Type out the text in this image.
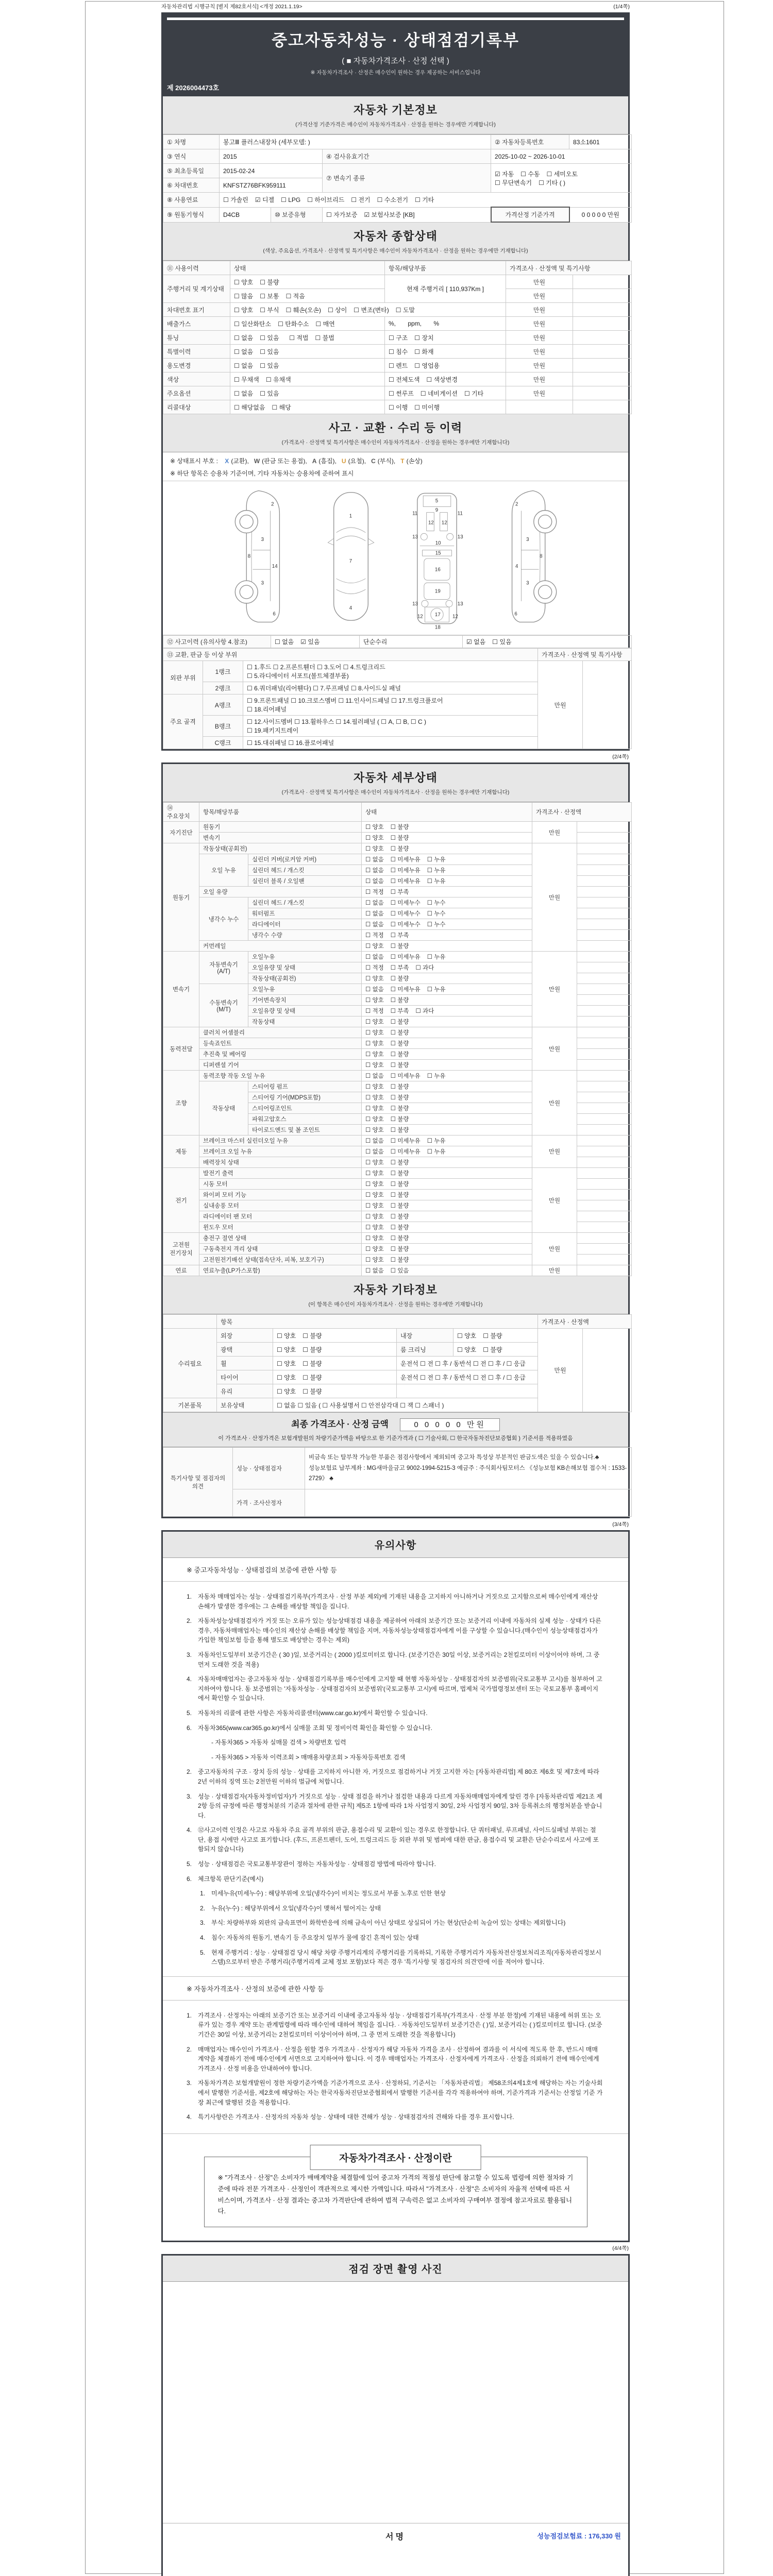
자동차관리법 시행규칙 [별지 제82호서식] <개정 2021.1.19>	(1/4쪽)
중고자동차성능 · 상태점검기록부
( ■ 자동차가격조사 · 산정 선택 )
※ 자동차가격조사 · 산정은 매수인이 원하는 경우 제공하는 서비스입니다
제 2026004473호
자동차 기본정보
(가격산정 기준가격은 매수인이 자동차가격조사 · 산정을 원하는 경우에만 기재합니다)
① 차명	봉고Ⅲ 플러스내장차 (세부모델: )			② 자동차등록번호	83소1601
③ 연식	2015		④ 검사유효기간	2025-10-02 ~ 2026-10-01	
⑤ 최초등록일	2015-02-24		⑦ 변속기 종류	☑ 자동 ☐ 수동 ☐ 세미오토
☐ 무단변속기 ☐ 기타 ( )	

⑥ 차대번호	KNFSTZ76BFK959111				
⑧ 사용연료	☐ 가솔린 ☑ 디젤 ☐ LPG ☐ 하이브리드 ☐ 전기 ☐ 수소전기 ☐ 기타				
⑨ 원동기형식	D4CB	⑩ 보증유형	☐ 자가보증 ☑ 보험사보증 [KB]	가격산정 기준가격	0 0 0 0 0 만원
자동차 종합상태
(색상, 주요옵션, 가격조사 · 산정액 및 특기사항은 매수인이 자동차가격조사 · 산정을 원하는 경우에만 기재합니다)
⑪ 사용이력	상태	항목/해당부품	가격조사 · 산정액 및 특기사항	
주행거리 및 계기상태	☐ 양호 ☐ 불량	현재 주행거리 [ 110,937Km ]	만원	
	☐ 많음 ☐ 보통 ☐ 적음		만원	
차대번호 표기	☐ 양호 ☐ 부식 ☐ 훼손(오손) ☐ 상이 ☐ 변조(변타) ☐ 도말		만원	
배출가스	☐ 일산화탄소 ☐ 탄화수소 ☐ 매연	%,       ppm,       %	만원	
튜닝	☐ 없음 ☐ 있음  ☐ 적법 ☐ 불법	☐ 구조 ☐ 장치	만원	
특별이력	☐ 없음 ☐ 있음	☐ 침수 ☐ 화재	만원	
용도변경	☐ 없음 ☐ 있음	☐ 렌트 ☐ 영업용	만원	
색상	☐ 무채색 ☐ 유채색	☐ 전체도색 ☐ 색상변경	만원	
주요옵션	☐ 없음 ☐ 있음	☐ 썬루프 ☐ 네비게이션 ☐ 기타	만원	
리콜대상	☐ 해당없음 ☐ 해당	☐ 이행 ☐ 미이행		
사고 · 교환 · 수리 등 이력
(가격조사 · 산정액 및 특기사항은 매수인이 자동차가격조사 · 산정을 원하는 경우에만 기재합니다)
※ 상태표시 부호 : X (교환), W (판금 또는 용접), A (흠집), U (요철), C (부식), T (손상)
※ 하단 항목은 승용차 기준이며, 기타 자동차는 승용차에 준하여 표시
2
8
3
14
3
6
1
7
4
5
11	11
9
12 12
13	13
10
15
16
19
13	13
12 17 12
18
2
3
8
4
3
6
⑫ 사고이력 (유의사항 4.참조)	☐ 없음 ☑ 있음	단순수리	☑ 없음 ☐ 있음
⑬ 교환, 판금 등 이상 부위			가격조사 · 산정액 및 특기사항	
외판 부위	1랭크	☐ 1.후드 ☐ 2.프론트휀더 ☐ 3.도어 ☐ 4.트렁크리드
☐ 5.라디에이터 서포트(볼트체결부품)	만원	
	2랭크	☐ 6.쿼더패널(리어휀다) ☐ 7.루프패널 ☐ 8.사이드실 패널		

주요 골격	A랭크	☐ 9.프론트패널 ☐ 10.크로스멤버 ☐ 11.인사이드패널 ☐ 17.트렁크플로어
☐ 18.리어패널		

	B랭크	☐ 12.사이드멤버 ☐ 13.휠하우스 ☐ 14.필러패널 ( ☐ A, ☐ B, ☐ C )
☐ 19.패키지트레이		

	C랭크	☐ 15.대쉬패널 ☐ 16.플로어패널		
(2/4쪽)
자동차 세부상태
(가격조사 · 산정액 및 특기사항은 매수인이 자동차가격조사 · 산정을 원하는 경우에만 기재합니다)
⑭ 주요장치	항목/해당부품		상태	가격조사 · 산정액	
자기진단	원동기		☐ 양호 ☐ 불량	만원	
	변속기		☐ 양호 ☐ 불량		
원동기	작동상태(공회전)		☐ 양호 ☐ 불량	만원	
	오일 누유	실린더 커버(로커암 커버)	☐ 없음 ☐ 미세누유 ☐ 누유		
		실린더 헤드 / 개스킷	☐ 없음 ☐ 미세누유 ☐ 누유		
		실린더 블록 / 오일팬	☐ 없음 ☐ 미세누유 ☐ 누유		
	오일 유량		☐ 적정 ☐ 부족		
	냉각수 누수	실린더 헤드 / 개스킷	☐ 없음 ☐ 미세누수 ☐ 누수		
		워터펌프	☐ 없음 ☐ 미세누수 ☐ 누수		
		라디에이터	☐ 없음 ☐ 미세누수 ☐ 누수		
		냉각수 수량	☐ 적정 ☐ 부족		
	커먼레일		☐ 양호 ☐ 불량		
변속기	자동변속기 (A/T)	오일누유	☐ 없음 ☐ 미세누유 ☐ 누유	만원	
		오일유량 및 상태	☐ 적정 ☐ 부족 ☐ 과다		
		작동상태(공회전)	☐ 양호 ☐ 불량		
	수동변속기 (M/T)	오일누유	☐ 없음 ☐ 미세누유 ☐ 누유		
		기어변속장치	☐ 양호 ☐ 불량		
		오일유량 및 상태	☐ 적정 ☐ 부족 ☐ 과다		
		작동상태	☐ 양호 ☐ 불량		
동력전달	클러치 어셈블리		☐ 양호 ☐ 불량	만원	
	등속죠인트		☐ 양호 ☐ 불량		
	추진축 및 베어링		☐ 양호 ☐ 불량		
	디퍼렌셜 기어		☐ 양호 ☐ 불량		
조향	동력조향 작동 오일 누유		☐ 없음 ☐ 미세누유 ☐ 누유	만원	
	작동상태	스티어링 펌프	☐ 양호 ☐ 불량		
		스티어링 기어(MDPS포함)	☐ 양호 ☐ 불량		
		스티어링조인트	☐ 양호 ☐ 불량		
		파워고압호스	☐ 양호 ☐ 불량		
		타이로드엔드 및 볼 조인트	☐ 양호 ☐ 불량		
제동	브레이크 마스터 실린더오일 누유		☐ 없음 ☐ 미세누유 ☐ 누유	만원	
	브레이크 오일 누유		☐ 없음 ☐ 미세누유 ☐ 누유		
	배력장치 상태		☐ 양호 ☐ 불량		
전기	발전기 출력		☐ 양호 ☐ 불량	만원	
	시동 모터		☐ 양호 ☐ 불량		
	와이퍼 모터 기능		☐ 양호 ☐ 불량		
	실내송풍 모터		☐ 양호 ☐ 불량		
	라디에이터 팬 모터		☐ 양호 ☐ 불량		
	윈도우 모터		☐ 양호 ☐ 불량		
고전원 전기장치	충전구 절연 상태		☐ 양호 ☐ 불량	만원	
	구동축전지 격리 상태		☐ 양호 ☐ 불량		
	고전원전기배선 상태(접속단자, 피복, 보호기구)		☐ 양호 ☐ 불량		
연료	연료누출(LP가스포함)		☐ 없음 ☐ 있음	만원	
자동차 기타정보
(이 항목은 매수인이 자동차가격조사 · 산정을 원하는 경우에만 기재합니다)
	항목				가격조사 · 산정액	
수리필요	외장	☐ 양호 ☐ 불량	내장	☐ 양호 ☐ 불량	만원	
	광택	☐ 양호 ☐ 불량	룸 크리닝	☐ 양호 ☐ 불량		
	휠	☐ 양호 ☐ 불량	운전석 ☐ 전 ☐ 후 / 동반석 ☐ 전 ☐ 후 / ☐ 응급			
	타이어	☐ 양호 ☐ 불량	운전석 ☐ 전 ☐ 후 / 동반석 ☐ 전 ☐ 후 / ☐ 응급			
	유리	☐ 양호 ☐ 불량				
기본품목	보유상태	☐ 없음 ☐ 있음 ( ☐ 사용설명서 ☐ 안전삼각대 ☐ 잭 ☐ 스패너 )				
최종 가격조사 · 산정 금액	0 0 0 0 0 만원
이 가격조사 · 산정가격은 보험개발원의 차량기준가액을 바탕으로 한 기준가격과 ( ☐ 기술사회, ☐ 한국자동차진단보증협회 ) 기준서를 적용하였음
특기사항 및 점검자의 의견	성능 · 상태점검자	비금속 또는 탈부착 가능한 부품은 점검사항에서 제외되며 중고차 특성상 부분적인 판금도색은 있을 수 있습니다.♣ 성능보험료 납부계좌 : MG새마을금고 9002-1994-5215-3 예금주 : 주식회사팀모터스 《성능보험 KB손해보험 접수처 : 1533-2729》 ♣
	가격 · 조사산정자	
(3/4쪽)
유의사항
※ 중고자동차성능 · 상태점검의 보증에 관한 사항 등
1. 자동차 매매업자는 성능 · 상태점검기록부(가격조사 · 산정 부분 제외)에 기재된 내용을 고지하지 아니하거나 거짓으로 고지함으로써 매수인에게 재산상 손해가 발생한 경우에는 그 손해를 배상할 책임을 집니다.
2. 자동차성능상태점검자가 거짓 또는 오류가 있는 성능상태점검 내용을 제공하여 아래의 보증기간 또는 보증거리 이내에 자동차의 실제 성능 · 상태가 다른 경우, 자동차매매업자는 매수인의 재산상 손해를 배상할 책임을 지며, 자동차성능상태점검자에게 이를 구상할 수 있습니다.(매수인이 성능상태점검자가 가입한 책임보험 등을 통해 별도로 배상받는 경우는 제외)
3. 자동차인도일부터 보증기간은 ( 30 )일, 보증거리는 ( 2000 )킬로미터로 합니다. (보증기간은 30일 이상, 보증거리는 2천킬로미터 이상이어야 하며, 그 중 먼저 도래한 것을 적용)
4. 자동차매매업자는 중고자동차 성능 · 상태점검기록부를 매수인에게 고지할 때 현행 자동차성능 · 상태점검자의 보증범위(국토교통부 고시)를 첨부하여 고지하여야 합니다. 동 보증범위는 '자동차성능 · 상태점검자의 보증범위'(국토교통부 고시)에 따르며, 법제처 국가법령정보센터 또는 국토교통부 홈페이지에서 확인할 수 있습니다.
5. 자동차의 리콜에 관한 사항은 자동차리콜센터(www.car.go.kr)에서 확인할 수 있습니다.
6. 자동차365(www.car365.go.kr)에서 실매물 조회 및 정비이력 확인을 확인할 수 있습니다.
- 자동차365 > 자동차 실매물 검색 > 차량번호 입력
- 자동차365 > 자동차 이력조회 > 매매용차량조회 > 자동차등록번호 검색
2. 중고자동차의 구조 · 장치 등의 성능 · 상태를 고지하지 아니한 자, 거짓으로 점검하거나 거짓 고지한 자는 [자동차관리법] 제 80조 제6호 및 제7호에 따라 2년 이하의 징역 또는 2천만원 이하의 벌금에 처합니다.
3. 성능 · 상태점검자(자동차정비업자)가 거짓으로 성능 · 상태 점검을 하거나 점검한 내용과 다르게 자동차매매업자에게 알린 경우 [자동차관리법 제21조 제2항 등의 규정에 따른 행정처분의 기준과 절차에 관한 규칙] 제5조 1항에 따라 1차 사업정지 30일, 2차 사업정지 90일, 3차 등록취소의 행정처분을 받습니다.
4. ⑫사고이력 인정은 사고로 자동차 주요 골격 부위의 판금, 용접수리 및 교환이 있는 경우로 한정합니다. 단 쿼터패널, 루프패널, 사이드실패널 부위는 절단, 용접 시에만 사고로 표기합니다. (후드, 프론트펜더, 도어, 트렁크리드 등 외판 부위 및 범퍼에 대한 판금, 용접수리 및 교환은 단순수리로서 사고에 포함되지 않습니다)
5. 성능 · 상태점검은 국토교통부장관이 정하는 자동차성능 · 상태점검 방법에 따라야 합니다.
6. 체크항목 판단기준(예시)
1. 미세누유(미세누수) : 해당부위에 오일(냉각수)이 비치는 정도로서 부품 노후로 인한 현상
2. 누유(누수) : 해당부위에서 오일(냉각수)이 맺혀서 떨어지는 상태
3. 부식: 차량하부와 외판의 금속표면이 화학반응에 의해 금속이 아닌 상태로 상실되어 가는 현상(단순히 녹슬어 있는 상태는 제외합니다)
4. 침수: 자동차의 원동기, 변속기 등 주요장치 일부가 물에 잠긴 흔적이 있는 상태
5. 현재 주행거리 : 성능 · 상태점검 당시 해당 차량 주행거리계의 주행거리를 기록하되, 기록한 주행거리가 자동차전산정보처리조직(자동차관리정보시스템)으로부터 받은 주행거리(주행거리계 교체 정보 포함)보다 적은 경우 '특기사항 및 점검자의 의견'란에 이를 적어야 합니다.
※ 자동차가격조사 · 산정의 보증에 관한 사항 등
1. 가격조사 · 산정자는 아래의 보증기간 또는 보증거리 이내에 중고자동차 성능 · 상태점검기록부(가격조사 · 산정 부분 한정)에 기재된 내용에 허위 또는 오류가 있는 경우 계약 또는 관계법령에 따라 매수인에 대하여 책임을 집니다. · 자동차인도일부터 보증기간은 ( )일, 보증거리는 ( )킬로미터로 합니다. (보증기간은 30일 이상, 보증거리는 2천킬로미터 이상이어야 하며, 그 중 먼저 도래한 것을 적용합니다)
2. 매매업자는 매수인이 가격조사 · 산정을 원할 경우 가격조사 · 산정자가 해당 자동차 가격을 조사 · 산정하여 결과를 이 서식에 적도록 한 후, 반드시 매매계약을 체결하기 전에 매수인에게 서면으로 고지하여야 합니다. 이 경우 매매업자는 가격조사 · 산정자에게 가격조사 · 산정을 의뢰하기 전에 매수인에게 가격조사 · 산정 비용을 안내하여야 합니다.
3. 자동차가격은 보험개발원이 정한 차량기준가액을 기준가격으로 조사 · 산정하되, 기준서는 「자동차관리법」 제58조의4제1호에 해당하는 자는 기술사회에서 발행한 기준서를, 제2호에 해당하는 자는 한국자동차진단보증협회에서 발행한 기준서를 각각 적용하여야 하며, 기준가격과 기준서는 산정일 기준 가장 최근에 발행된 것을 적용합니다.
4. 특기사항란은 가격조사 · 산정자의 자동차 성능 · 상태에 대한 견해가 성능 · 상태점검자의 견해와 다를 경우 표시합니다.
자동차가격조사 · 산정이란
※ "가격조사 · 산정"은 소비자가 매매계약을 체결함에 있어 중고차 가격의 적절성 판단에 참고할 수 있도록 법령에 의한 절차와 기준에 따라 전문 가격조사 · 산정인이 객관적으로 제시한 가액입니다. 따라서 "가격조사 · 산정"은 소비자의 자율적 선택에 따른 서비스이며, 가격조사 · 산정 결과는 중고차 가격판단에 관하여 법적 구속력은 없고 소비자의 구매여부 결정에 참고자료로 활용됩니다.
(4/4쪽)
점검 장면 촬영 사진
서명	성능점검보험료 : 176,330 원
